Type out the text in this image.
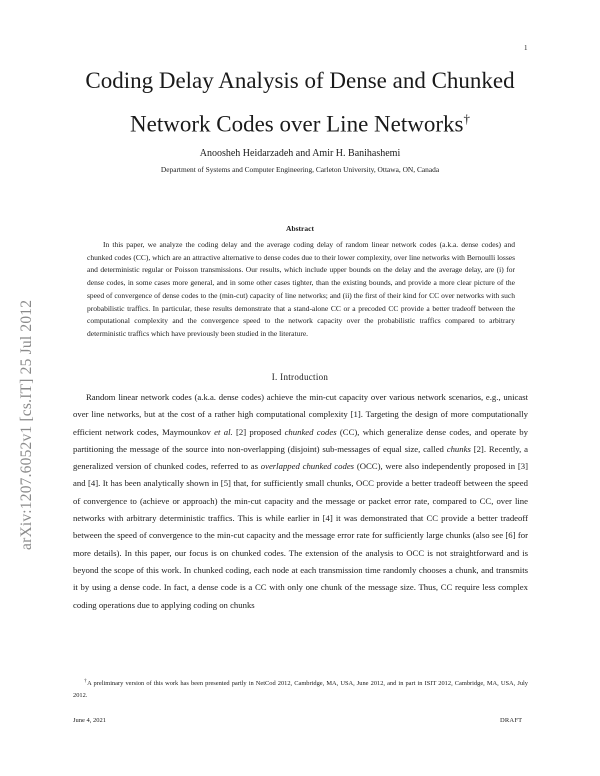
1
arXiv:1207.6052v1 [cs.IT] 25 Jul 2012
Coding Delay Analysis of Dense and Chunked Network Codes over Line Networks†
Anoosheh Heidarzadeh and Amir H. Banihashemi
Department of Systems and Computer Engineering, Carleton University, Ottawa, ON, Canada
Abstract

In this paper, we analyze the coding delay and the average coding delay of random linear network codes (a.k.a. dense codes) and chunked codes (CC), which are an attractive alternative to dense codes due to their lower complexity, over line networks with Bernoulli losses and deterministic regular or Poisson transmissions. Our results, which include upper bounds on the delay and the average delay, are (i) for dense codes, in some cases more general, and in some other cases tighter, than the existing bounds, and provide a more clear picture of the speed of convergence of dense codes to the (min-cut) capacity of line networks; and (ii) the first of their kind for CC over networks with such probabilistic traffics. In particular, these results demonstrate that a stand-alone CC or a precoded CC provide a better tradeoff between the computational complexity and the convergence speed to the network capacity over the probabilistic traffics compared to arbitrary deterministic traffics which have previously been studied in the literature.

I. Introduction

Random linear network codes (a.k.a. dense codes) achieve the min-cut capacity over various network scenarios, e.g., unicast over line networks, but at the cost of a rather high computational complexity [1]. Targeting the design of more computationally efficient network codes, Maymounkov et al. [2] proposed chunked codes (CC), which generalize dense codes, and operate by partitioning the message of the source into non-overlapping (disjoint) sub-messages of equal size, called chunks [2]. Recently, a generalized version of chunked codes, referred to as overlapped chunked codes (OCC), were also independently proposed in [3] and [4]. It has been analytically shown in [5] that, for sufficiently small chunks, OCC provide a better tradeoff between the speed of convergence to (achieve or approach) the min-cut capacity and the message or packet error rate, compared to CC, over line networks with arbitrary deterministic traffics. This is while earlier in [4] it was demonstrated that CC provide a better tradeoff between the speed of convergence to the min-cut capacity and the message error rate for sufficiently large chunks (also see [6] for more details). In this paper, our focus is on chunked codes. The extension of the analysis to OCC is not straightforward and is beyond the scope of this work. In chunked coding, each node at each transmission time randomly chooses a chunk, and transmits it by using a dense code. In fact, a dense code is a CC with only one chunk of the message size. Thus, CC require less complex coding operations due to applying coding on chunks

†A preliminary version of this work has been presented partly in NetCod 2012, Cambridge, MA, USA, June 2012, and in part in ISIT 2012, Cambridge, MA, USA, July 2012.

June 4, 2021	DRAFT
